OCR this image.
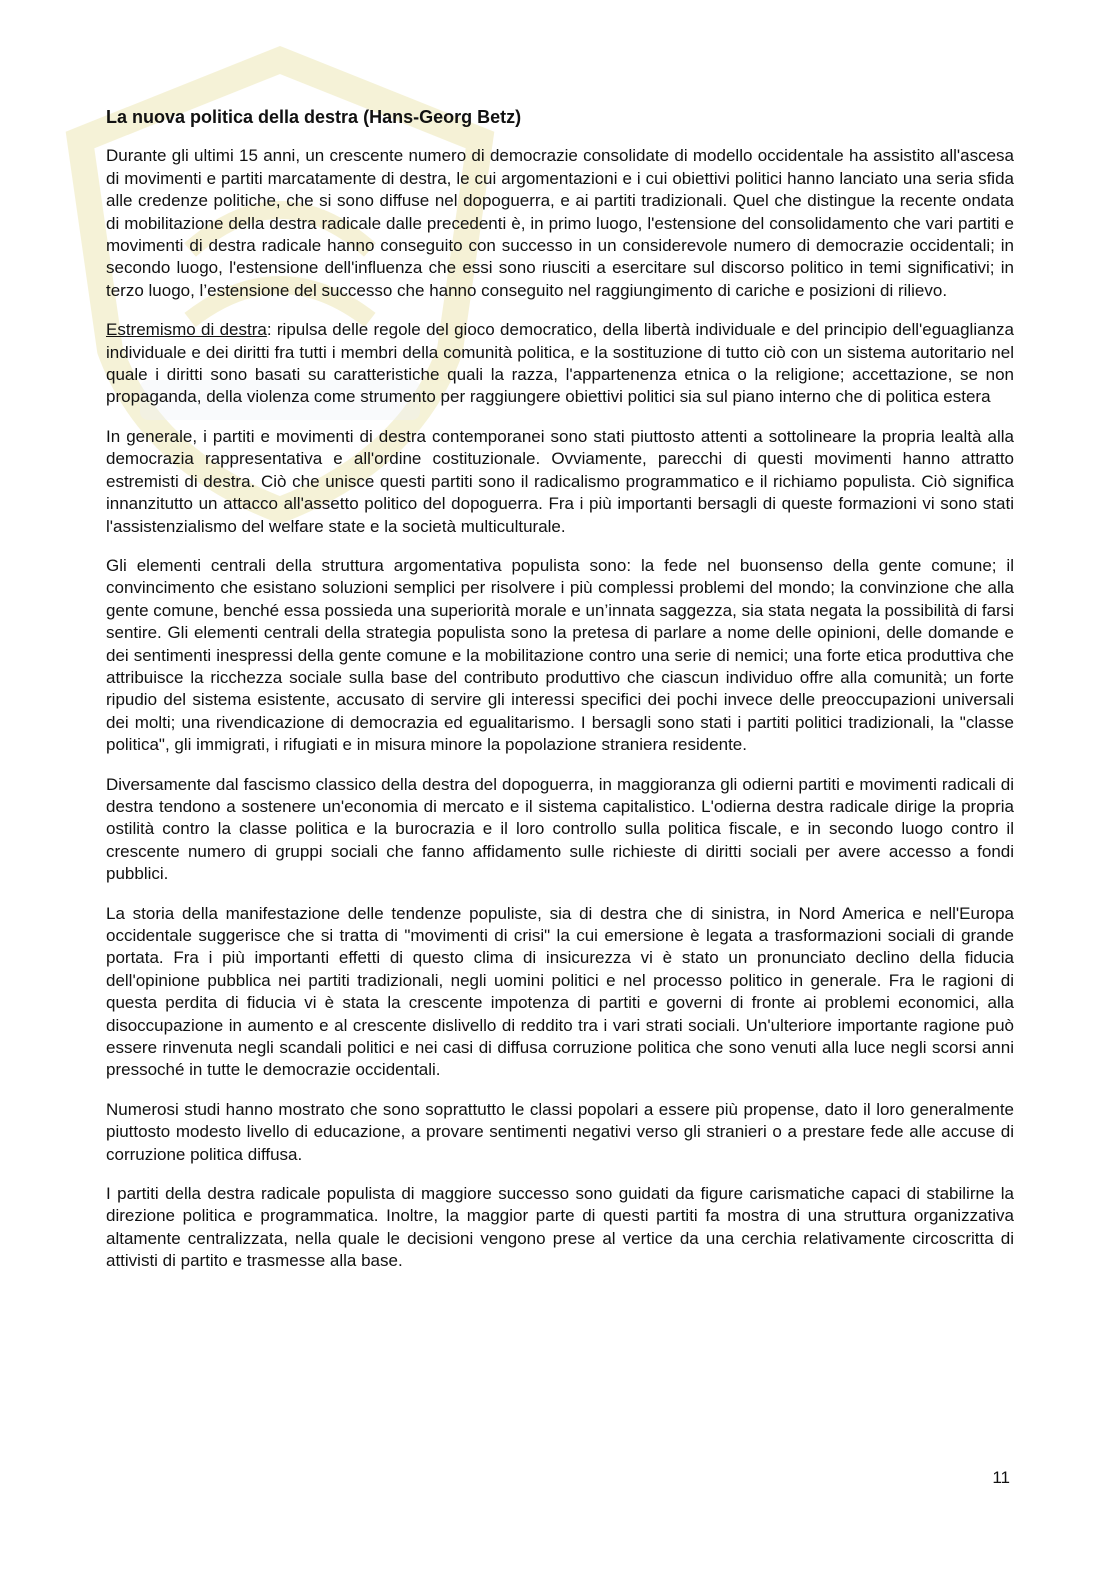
La nuova politica della destra (Hans-Georg Betz)

Durante gli ultimi 15 anni, un crescente numero di democrazie consolidate di modello occidentale ha assistito all'ascesa di movimenti e partiti marcatamente di destra, le cui argomentazioni e i cui obiettivi politici hanno lanciato una seria sfida alle credenze politiche, che si sono diffuse nel dopoguerra, e ai partiti tradizionali. Quel che distingue la recente ondata di mobilitazione della destra radicale dalle precedenti è, in primo luogo, l'estensione del consolidamento che vari partiti e movimenti di destra radicale hanno conseguito con successo in un considerevole numero di democrazie occidentali; in secondo luogo, l'estensione dell'influenza che essi sono riusciti a esercitare sul discorso politico in temi significativi; in terzo luogo, l’estensione del successo che hanno conseguito nel raggiungimento di cariche e posizioni di rilievo.

Estremismo di destra: ripulsa delle regole del gioco democratico, della libertà individuale e del principio dell'eguaglianza individuale e dei diritti fra tutti i membri della comunità politica, e la sostituzione di tutto ciò con un sistema autoritario nel quale i diritti sono basati su caratteristiche quali la razza, l'appartenenza etnica o la religione; accettazione, se non propaganda, della violenza come strumento per raggiungere obiettivi politici sia sul piano interno che di politica estera

In generale, i partiti e movimenti di destra contemporanei sono stati piuttosto attenti a sottolineare la propria lealtà alla democrazia rappresentativa e all'ordine costituzionale. Ovviamente, parecchi di questi movimenti hanno attratto estremisti di destra. Ciò che unisce questi partiti sono il radicalismo programmatico e il richiamo populista. Ciò significa innanzitutto un attacco all'assetto politico del dopoguerra. Fra i più importanti bersagli di queste formazioni vi sono stati l'assistenzialismo del welfare state e la società multiculturale.

Gli elementi centrali della struttura argomentativa populista sono: la fede nel buonsenso della gente comune; il convincimento che esistano soluzioni semplici per risolvere i più complessi problemi del mondo; la convinzione che alla gente comune, benché essa possieda una superiorità morale e un’innata saggezza, sia stata negata la possibilità di farsi sentire. Gli elementi centrali della strategia populista sono la pretesa di parlare a nome delle opinioni, delle domande e dei sentimenti inespressi della gente comune e la mobilitazione contro una serie di nemici; una forte etica produttiva che attribuisce la ricchezza sociale sulla base del contributo produttivo che ciascun individuo offre alla comunità; un forte ripudio del sistema esistente, accusato di servire gli interessi specifici dei pochi invece delle preoccupazioni universali dei molti; una rivendicazione di democrazia ed egualitarismo. I bersagli sono stati i partiti politici tradizionali, la "classe politica", gli immigrati, i rifugiati e in misura minore la popolazione straniera residente.

Diversamente dal fascismo classico della destra del dopoguerra, in maggioranza gli odierni partiti e movimenti radicali di destra tendono a sostenere un'economia di mercato e il sistema capitalistico. L'odierna destra radicale dirige la propria ostilità contro la classe politica e la burocrazia e il loro controllo sulla politica fiscale, e in secondo luogo contro il crescente numero di gruppi sociali che fanno affidamento sulle richieste di diritti sociali per avere accesso a fondi pubblici.

La storia della manifestazione delle tendenze populiste, sia di destra che di sinistra, in Nord America e nell'Europa occidentale suggerisce che si tratta di "movimenti di crisi" la cui emersione è legata a trasformazioni sociali di grande portata. Fra i più importanti effetti di questo clima di insicurezza vi è stato un pronunciato declino della fiducia dell'opinione pubblica nei partiti tradizionali, negli uomini politici e nel processo politico in generale. Fra le ragioni di questa perdita di fiducia vi è stata la crescente impotenza di partiti e governi di fronte ai problemi economici, alla disoccupazione in aumento e al crescente dislivello di reddito tra i vari strati sociali. Un'ulteriore importante ragione può essere rinvenuta negli scandali politici e nei casi di diffusa corruzione politica che sono venuti alla luce negli scorsi anni pressoché in tutte le democrazie occidentali.

Numerosi studi hanno mostrato che sono soprattutto le classi popolari a essere più propense, dato il loro generalmente piuttosto modesto livello di educazione, a provare sentimenti negativi verso gli stranieri o a prestare fede alle accuse di corruzione politica diffusa.

I partiti della destra radicale populista di maggiore successo sono guidati da figure carismatiche capaci di stabilirne la direzione politica e programmatica. Inoltre, la maggior parte di questi partiti fa mostra di una struttura organizzativa altamente centralizzata, nella quale le decisioni vengono prese al vertice da una cerchia relativamente circoscritta di attivisti di partito e trasmesse alla base.

11
